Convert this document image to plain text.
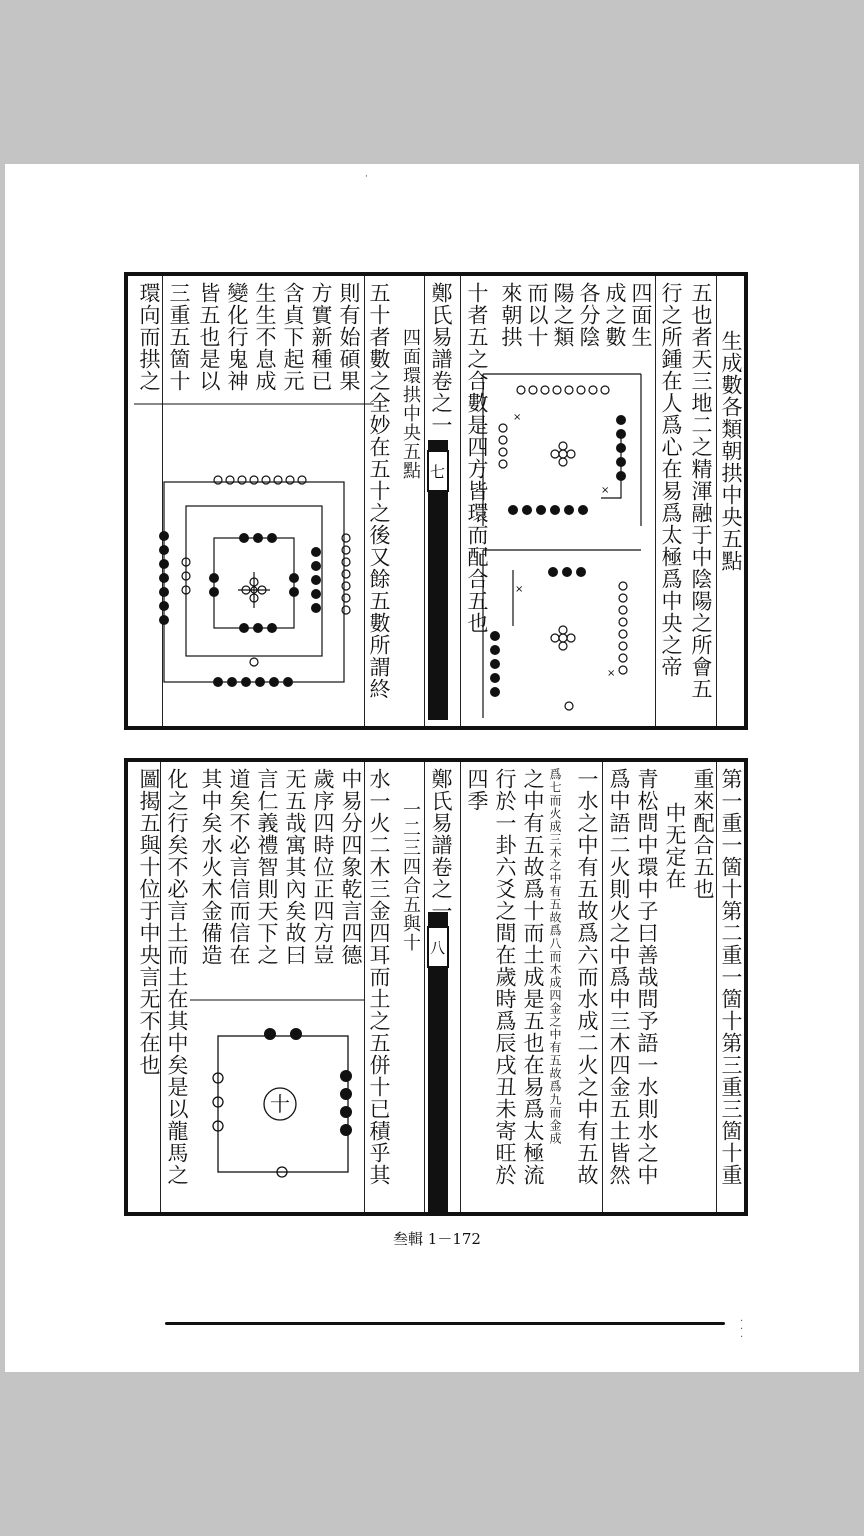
·
生成數各類朝拱中央五點
五也者天三地二之精渾融于中陰陽之所會五
行之所鍾在人爲心在易爲太極爲中央之帝
四面生
成之數
各分陰
陽之類
而以十
來朝拱
十者五之合數是四方皆環而配合五也 ×
×
×
×
七
鄭氏易譜卷之一
四面環拱中央五點
五十者數之全妙在五十之後又餘五數所謂終
則有始碩果
方實新種已
含貞下起元
生生不息成
變化行鬼神
皆五也是以
三重五箇十
環向而拱之
第一重一箇十第二重一箇十第三重三箇十重
重來配合五也
中无定在
青松問中環中子曰善哉問予語一水則水之中
爲中語二火則火之中爲中三木四金五土皆然
一水之中有五故爲六而水成二火之中有五故
爲七而火成三木之中有五故爲八而木成四金之中有五故爲九而金成
之中有五故爲十而土成是五也在易爲太極流
行於一卦六爻之間在歲時爲辰戌丑未寄旺於
四季
八
鄭氏易譜卷之一
一二三四合五與十
水一火二木三金四耳而土之五併十已積乎其
中易分四象乾言四德
歲序四時位正四方豈
无五哉寓其內矣故曰
言仁義禮智則天下之
道矣不必言信而信在
其中矣水火木金備造
化之行矣不必言土而土在其中矣是以龍馬之
圖揭五與十位于中央言无不在也
十
叁輯 1－172
·
·
·
